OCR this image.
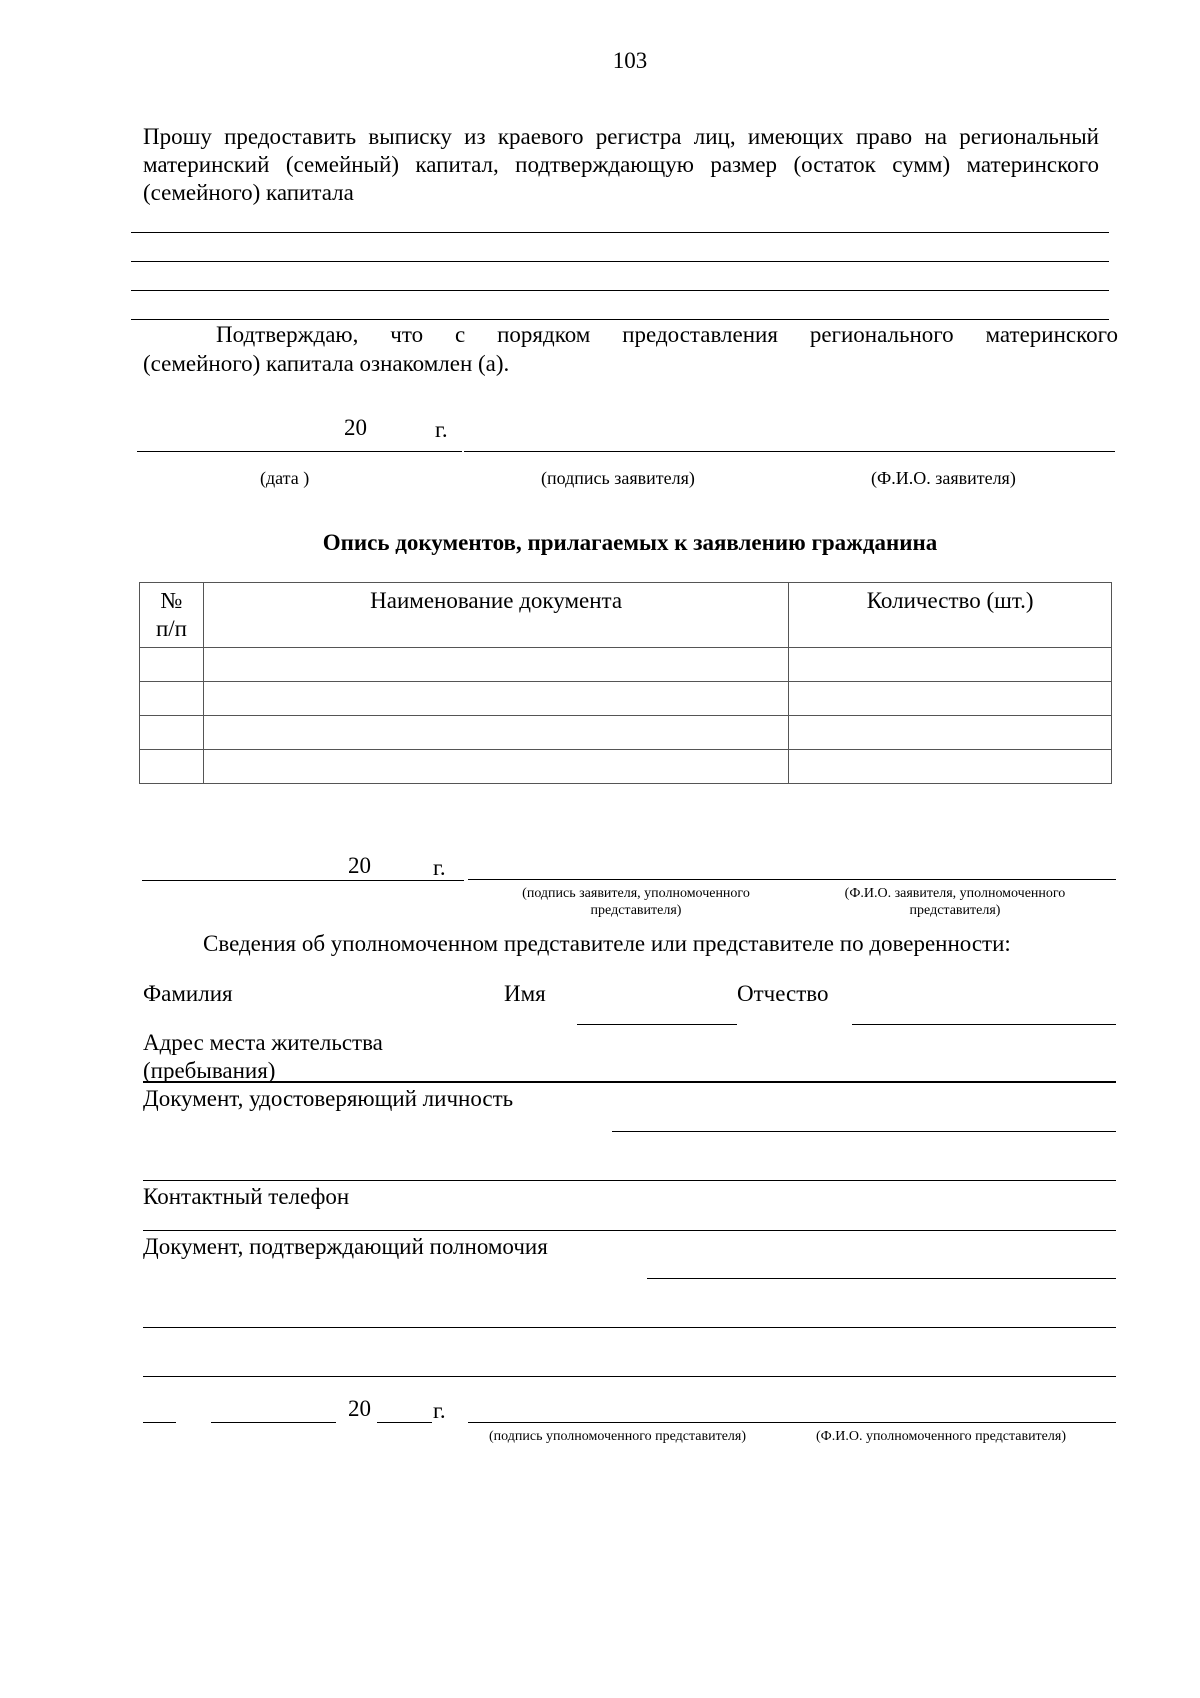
103
Прошу предоставить выписку из краевого регистра лиц, имеющих право на региональный
материнский (семейный) капитал, подтверждающую размер (остаток сумм) материнского
(семейного) капитала
Подтверждаю, что с порядком предоставления регионального материнского
(семейного) капитала ознакомлен (а).
20	г.
(дата )	(подпись заявителя)	(Ф.И.О. заявителя)
Опись документов, прилагаемых к заявлению гражданина
№
п/п	Наименование документа	Количество (шт.)

20	г.
(подпись заявителя, уполномоченного
представителя)
(Ф.И.О. заявителя, уполномоченного
представителя)
Сведения об уполномоченном представителе или представителе по доверенности:
Фамилия	Имя	Отчество
Адрес места жительства
(пребывания)
Документ, удостоверяющий личность
Контактный телефон
Документ, подтверждающий полномочия
20	г.
(подпись уполномоченного представителя)	(Ф.И.О. уполномоченного представителя)
